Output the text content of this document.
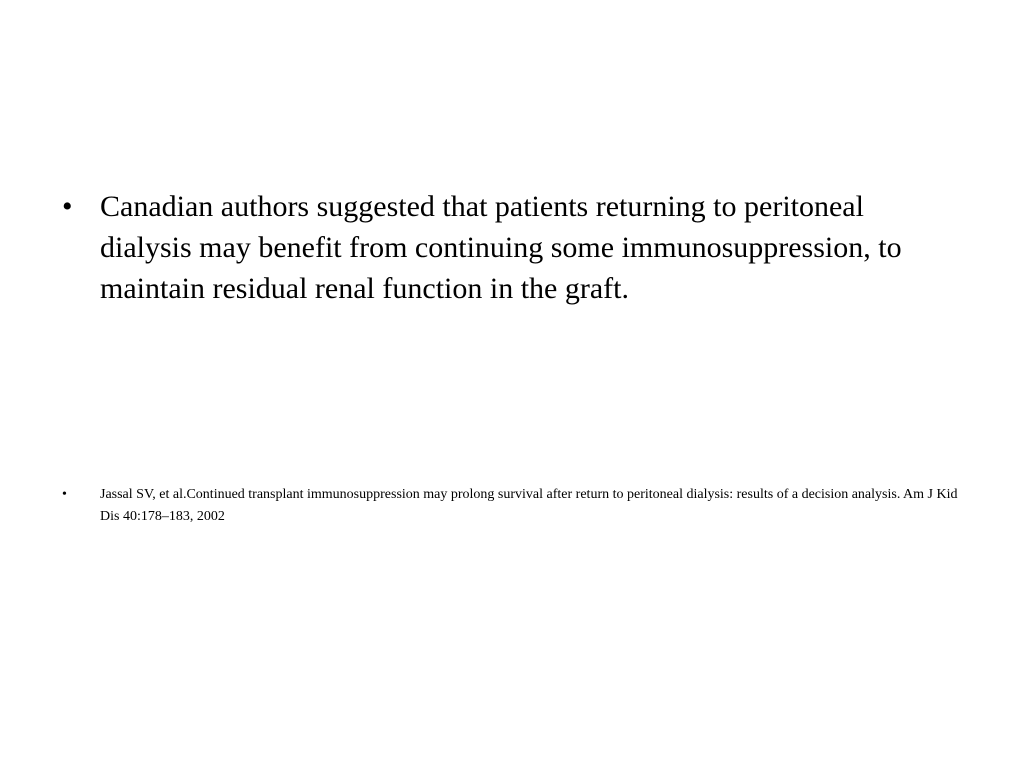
• Canadian authors suggested that patients returning to peritoneal dialysis may benefit from continuing some immunosuppression, to maintain residual renal function in the graft.
•	Jassal SV, et al.Continued transplant immunosuppression may prolong survival after return to peritoneal dialysis: results of a decision analysis. Am J Kid Dis 40:178–183, 2002
